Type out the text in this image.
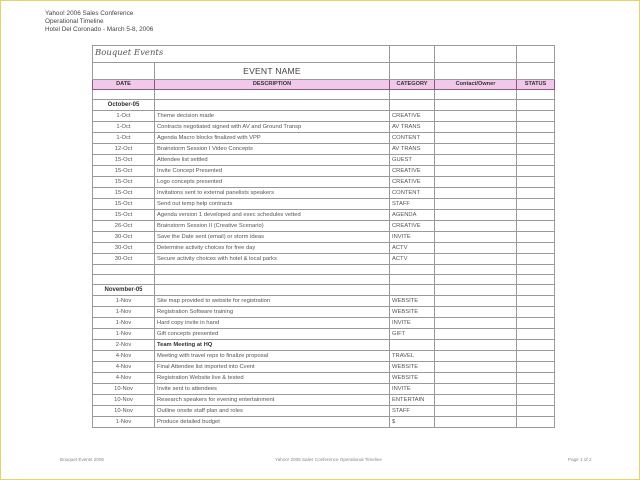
Yahoo! 2006 Sales Conference
Operational Timeline
Hotel Del Coronado - March 5-8, 2006
Bouquet Events				
	EVENT NAME			
DATE	DESCRIPTION	CATEGORY	Contact/Owner	STATUS

October-05				
1-Oct	Theme decision made	CREATIVE		
1-Oct	Contracts negotiated signed with AV and Ground Transp	AV TRANS		
1-Oct	Agenda Macro blocks finalized with VPP	CONTENT		
12-Oct	Brainstorm Session I Video Concepts	AV TRANS		
15-Oct	Attendee list settled	GUEST		
15-Oct	Invite Concept Presented	CREATIVE		
15-Oct	Logo concepts presented	CREATIVE		
15-Oct	Invitations sent to external panelists speakers	CONTENT		
15-Oct	Send out temp help contracts	STAFF		
15-Oct	Agenda version 1 developed and exec schedules vetted	AGENDA		
26-Oct	Brainstorm Session II (Creative Scenario)	CREATIVE		
30-Oct	Save the Date sent (email) or storm ideas	INVITE		
30-Oct	Determine activity choices for free day	ACTV		
30-Oct	Secure activity choices with hotel & local parks	ACTV		

November-05				
1-Nov	Site map provided to website for registration	WEBSITE		
1-Nov	Registration Software training	WEBSITE		
1-Nov	Hard copy invite in hand	INVITE		
1-Nov	Gift concepts presented	GIFT		
2-Nov	Team Meeting at HQ			
4-Nov	Meeting with travel reps to finalize proposal	TRAVEL		
4-Nov	Final Attendee list imported into Cvent	WEBSITE		
4-Nov	Registration Website live & tested	WEBSITE		
10-Nov	Invite sent to attendees	INVITE		
10-Nov	Research speakers for evening entertainment	ENTERTAIN		
10-Nov	Outline onsite staff plan and roles	STAFF		
1-Nov	Produce detailed budget	$		
Bouquet Events 2006	Yahoo! 2006 Sales Conference Operational Timeline	Page 1 of 2
